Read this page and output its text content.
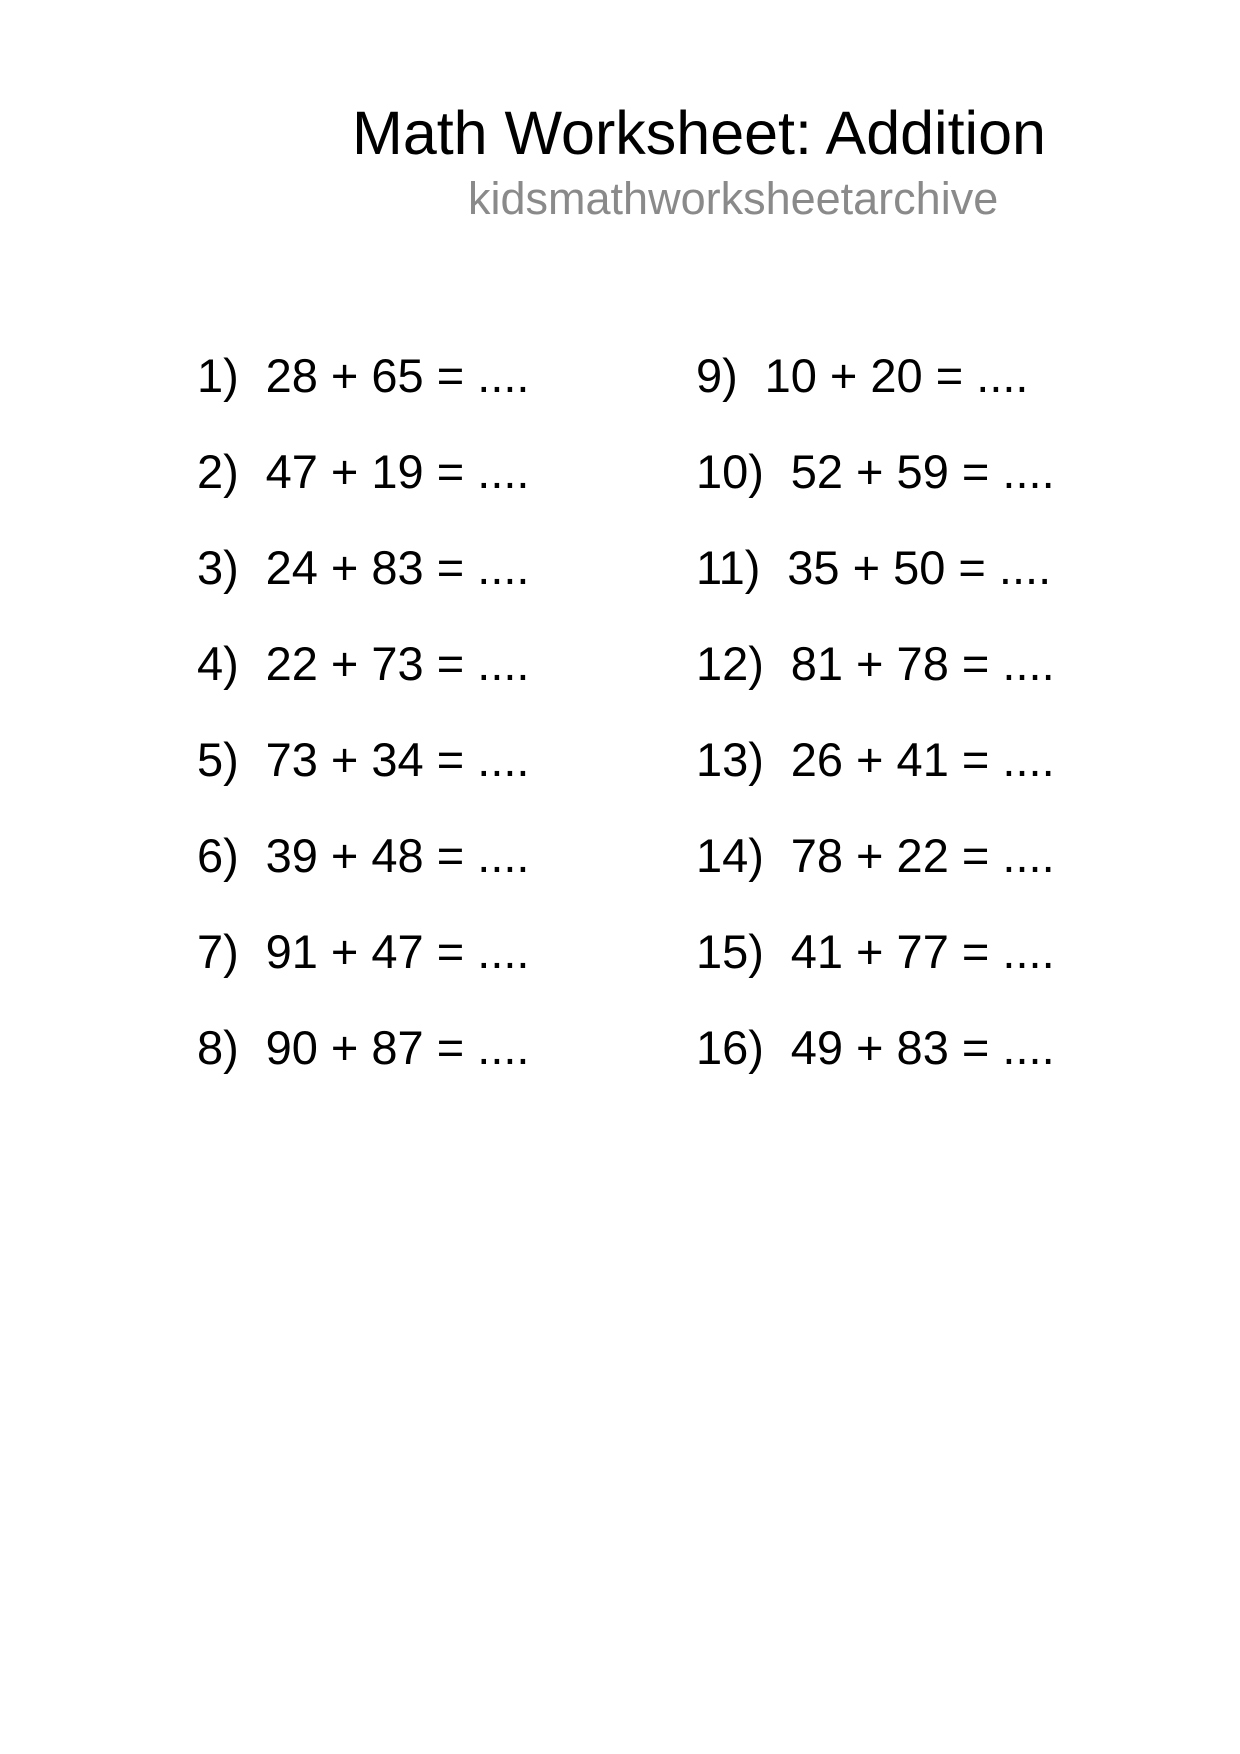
Math Worksheet: Addition
kidsmathworksheetarchive
1) 28 + 65 = ....
2) 47 + 19 = ....
3) 24 + 83 = ....
4) 22 + 73 = ....
5) 73 + 34 = ....
6) 39 + 48 = ....
7) 91 + 47 = ....
8) 90 + 87 = ....
9) 10 + 20 = ....
10) 52 + 59 = ....
11) 35 + 50 = ....
12) 81 + 78 = ....
13) 26 + 41 = ....
14) 78 + 22 = ....
15) 41 + 77 = ....
16) 49 + 83 = ....
